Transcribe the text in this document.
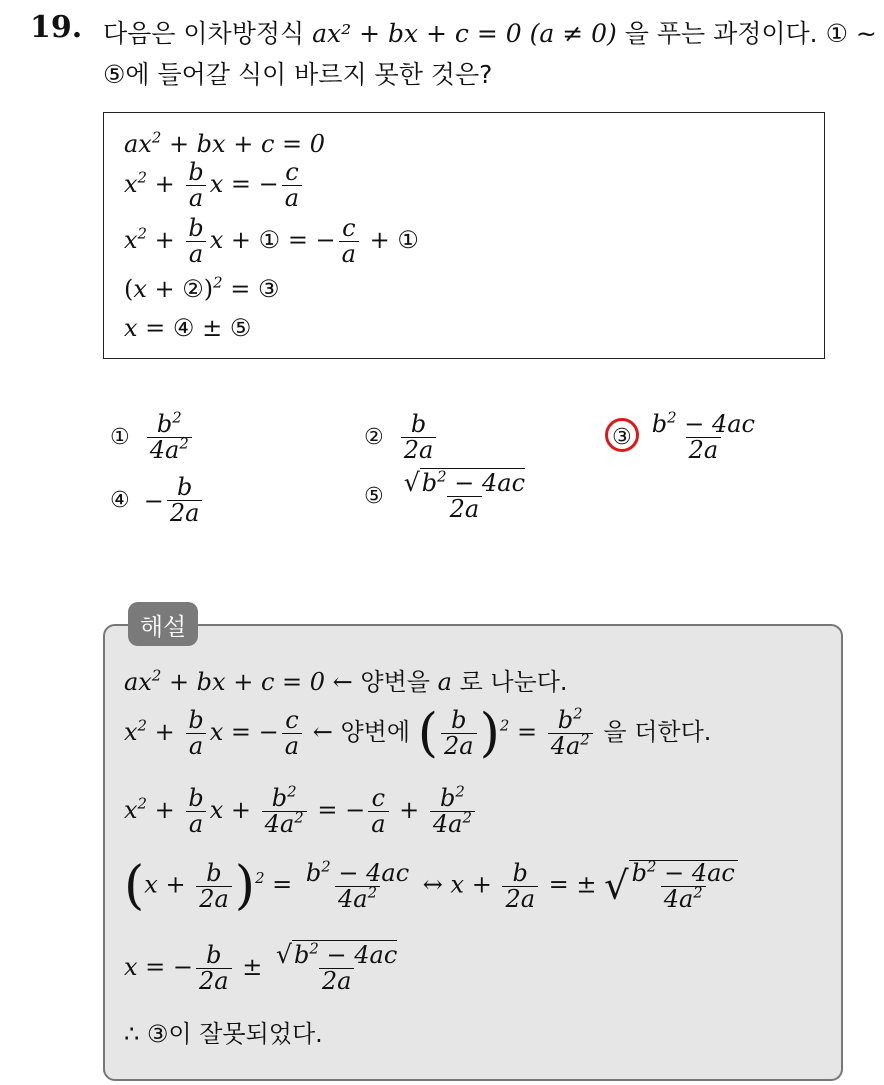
19. 다음은 이차방정식 ax² + bx + c = 0 (a ≠ 0) 을 푸는 과정이다. ① ~
⑤에 들어갈 식이 바르지 못한 것은?
$ax^2$ + bx + c = 0
$x^2 + \frac{b}{a}$ x = − $\frac{c}{a}$
$x^2 + \frac{b}{a}$ x + ① = − $\frac{c}{a}$ + ①
(x + ②)$^2$ = ③
x = ④ ± ⑤
① $\frac{b^2}{4a^2}$	② $\frac{b}{2a}$	③ $\frac{b^2 - 4ac}{2a}$
④ − $\frac{b}{2a}$	⑤ $\frac{√b^2 - 4ac}{2a}$
해설
$ax^2$ + bx + c = 0 ← 양변을 a 로 나눈다.
$x^2 + \frac{b}{a}$ x = − $\frac{c}{a}$ ← 양변에 ( $\frac{b}{2a} )^2 = \frac{b^2}{4a^2}$ 을 더한다.
$x^2 + \frac{b}{a}$ $x + \frac{b^2}{4a^2}$ = − $\frac{c}{a} + \frac{b^2}{4a^2}$
$(x + \frac{b}{2a} )^2 = \frac{b^2 - 4ac}{4a^2}$ ↔ $x + \frac{b}{2a}$ = ± √ $\frac{b^2 - 4ac}{4a^2}$
x = − $\frac{b}{2a} \pm \frac{√b^2 - 4ac}{2a}$
∴ ③이 잘못되었다.
